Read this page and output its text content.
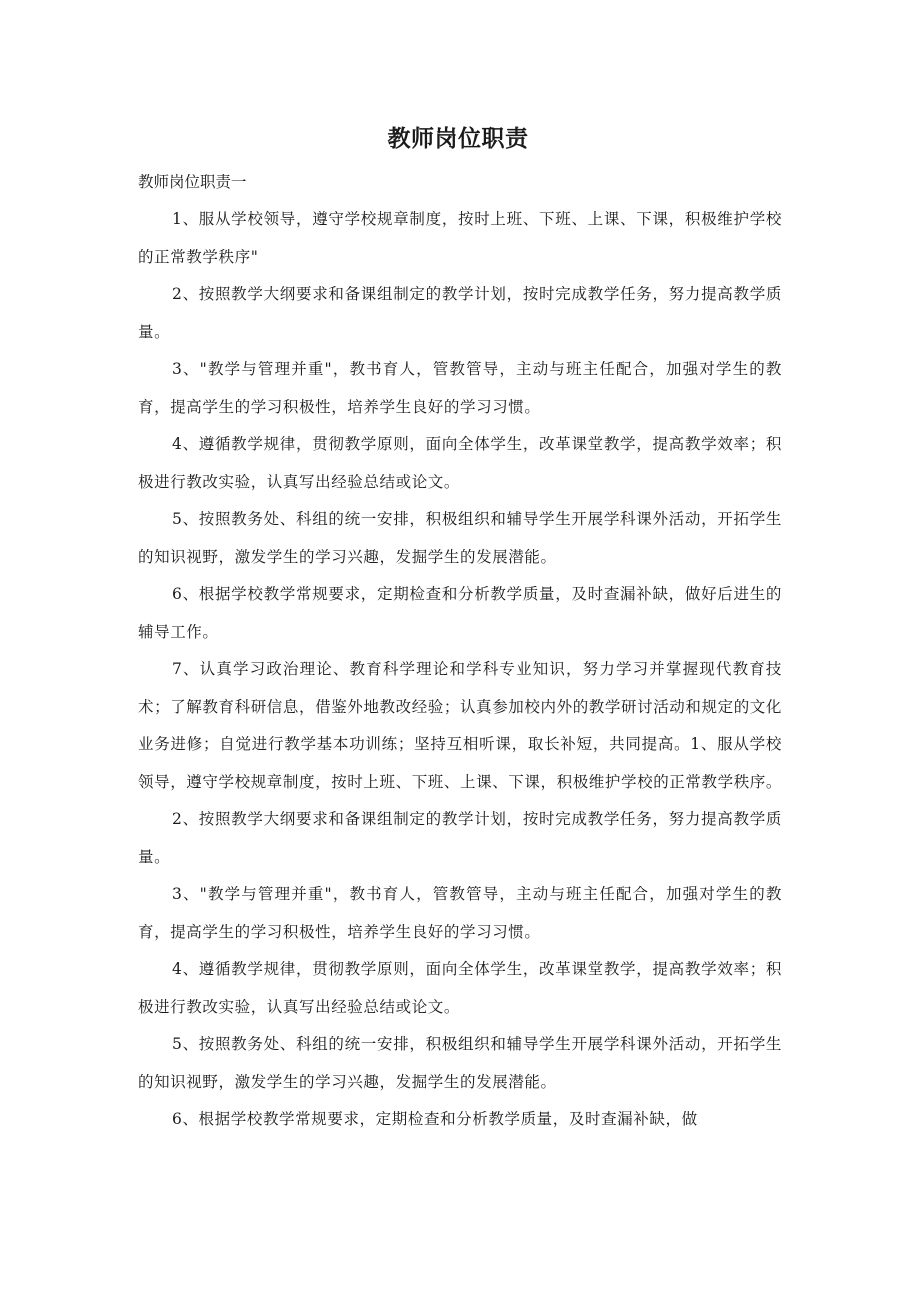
教师岗位职责

教师岗位职责一

1、服从学校领导，遵守学校规章制度，按时上班、下班、上课、下课，积极维护学校的正常教学秩序"

2、按照教学大纲要求和备课组制定的教学计划，按时完成教学任务，努力提高教学质量。

3、"教学与管理并重"，教书育人，管教管导，主动与班主任配合，加强对学生的教育，提高学生的学习积极性，培养学生良好的学习习惯。

4、遵循教学规律，贯彻教学原则，面向全体学生，改革课堂教学，提高教学效率；积极进行教改实验，认真写出经验总结或论文。

5、按照教务处、科组的统一安排，积极组织和辅导学生开展学科课外活动，开拓学生的知识视野，激发学生的学习兴趣，发掘学生的发展潜能。

6、根据学校教学常规要求，定期检查和分析教学质量，及时查漏补缺，做好后进生的辅导工作。

7、认真学习政治理论、教育科学理论和学科专业知识，努力学习并掌握现代教育技术；了解教育科研信息，借鉴外地教改经验；认真参加校内外的教学研讨活动和规定的文化业务进修；自觉进行教学基本功训练；坚持互相听课，取长补短，共同提高。1、服从学校领导，遵守学校规章制度，按时上班、下班、上课、下课，积极维护学校的正常教学秩序。

2、按照教学大纲要求和备课组制定的教学计划，按时完成教学任务，努力提高教学质量。

3、"教学与管理并重"，教书育人，管教管导，主动与班主任配合，加强对学生的教育，提高学生的学习积极性，培养学生良好的学习习惯。

4、遵循教学规律，贯彻教学原则，面向全体学生，改革课堂教学，提高教学效率；积极进行教改实验，认真写出经验总结或论文。

5、按照教务处、科组的统一安排，积极组织和辅导学生开展学科课外活动，开拓学生的知识视野，激发学生的学习兴趣，发掘学生的发展潜能。

6、根据学校教学常规要求，定期检查和分析教学质量，及时查漏补缺，做
